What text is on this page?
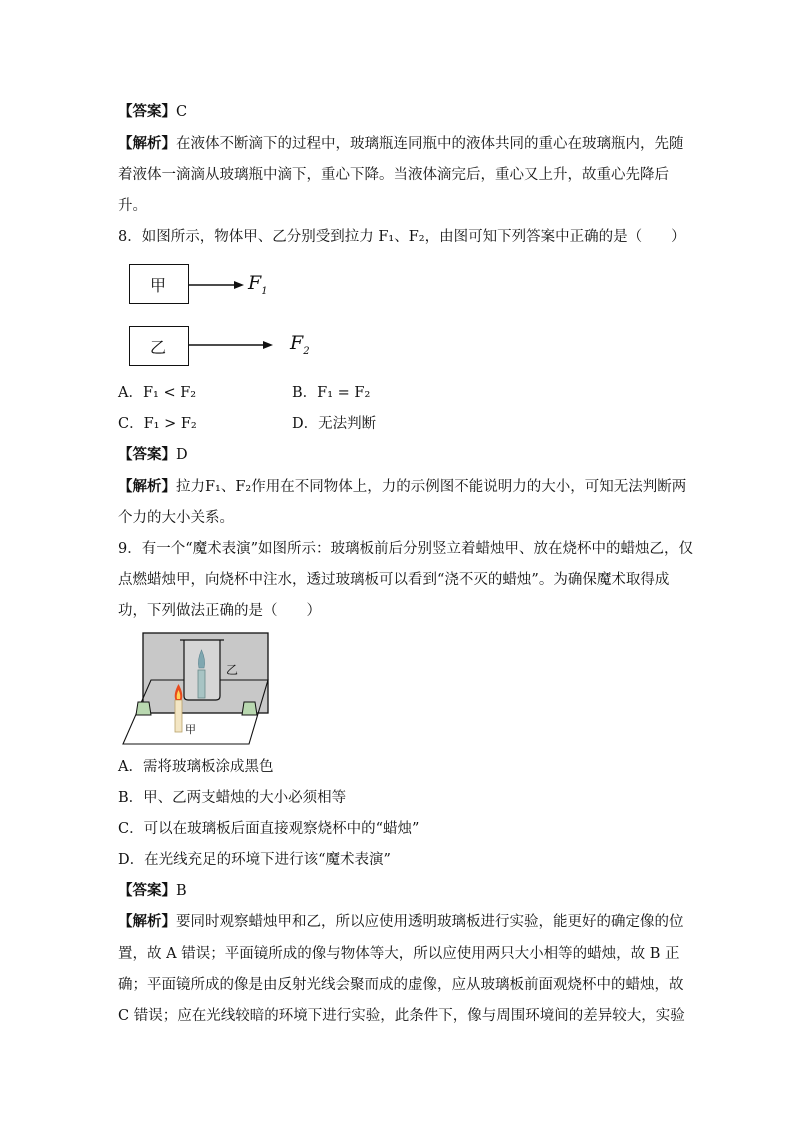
【答案】C
【解析】在液体不断滴下的过程中，玻璃瓶连同瓶中的液体共同的重心在玻璃瓶内，先随
着液体一滴滴从玻璃瓶中滴下，重心下降。当液体滴完后，重心又上升，故重心先降后
升。
8．如图所示，物体甲、乙分别受到拉力 F₁、F₂，由图可知下列答案中正确的是（　　）
甲
乙
$F_1$
$F_2$
A．F₁ < F₂	B．F₁ = F₂
C．F₁ > F₂	D．无法判断
【答案】D
【解析】拉力F₁、F₂作用在不同物体上，力的示例图不能说明力的大小，可知无法判断两
个力的大小关系。
9．有一个“魔术表演”如图所示：玻璃板前后分别竖立着蜡烛甲、放在烧杯中的蜡烛乙，仅
点燃蜡烛甲，向烧杯中注水，透过玻璃板可以看到“浇不灭的蜡烛”。为确保魔术取得成
功，下列做法正确的是（　　）
乙
甲
A．需将玻璃板涂成黑色
B．甲、乙两支蜡烛的大小必须相等
C．可以在玻璃板后面直接观察烧杯中的“蜡烛”
D．在光线充足的环境下进行该“魔术表演”
【答案】B
【解析】要同时观察蜡烛甲和乙，所以应使用透明玻璃板进行实验，能更好的确定像的位
置，故 A 错误；平面镜所成的像与物体等大，所以应使用两只大小相等的蜡烛，故 B 正
确；平面镜所成的像是由反射光线会聚而成的虚像，应从玻璃板前面观烧杯中的蜡烛，故
C 错误；应在光线较暗的环境下进行实验，此条件下，像与周围环境间的差异较大，实验
